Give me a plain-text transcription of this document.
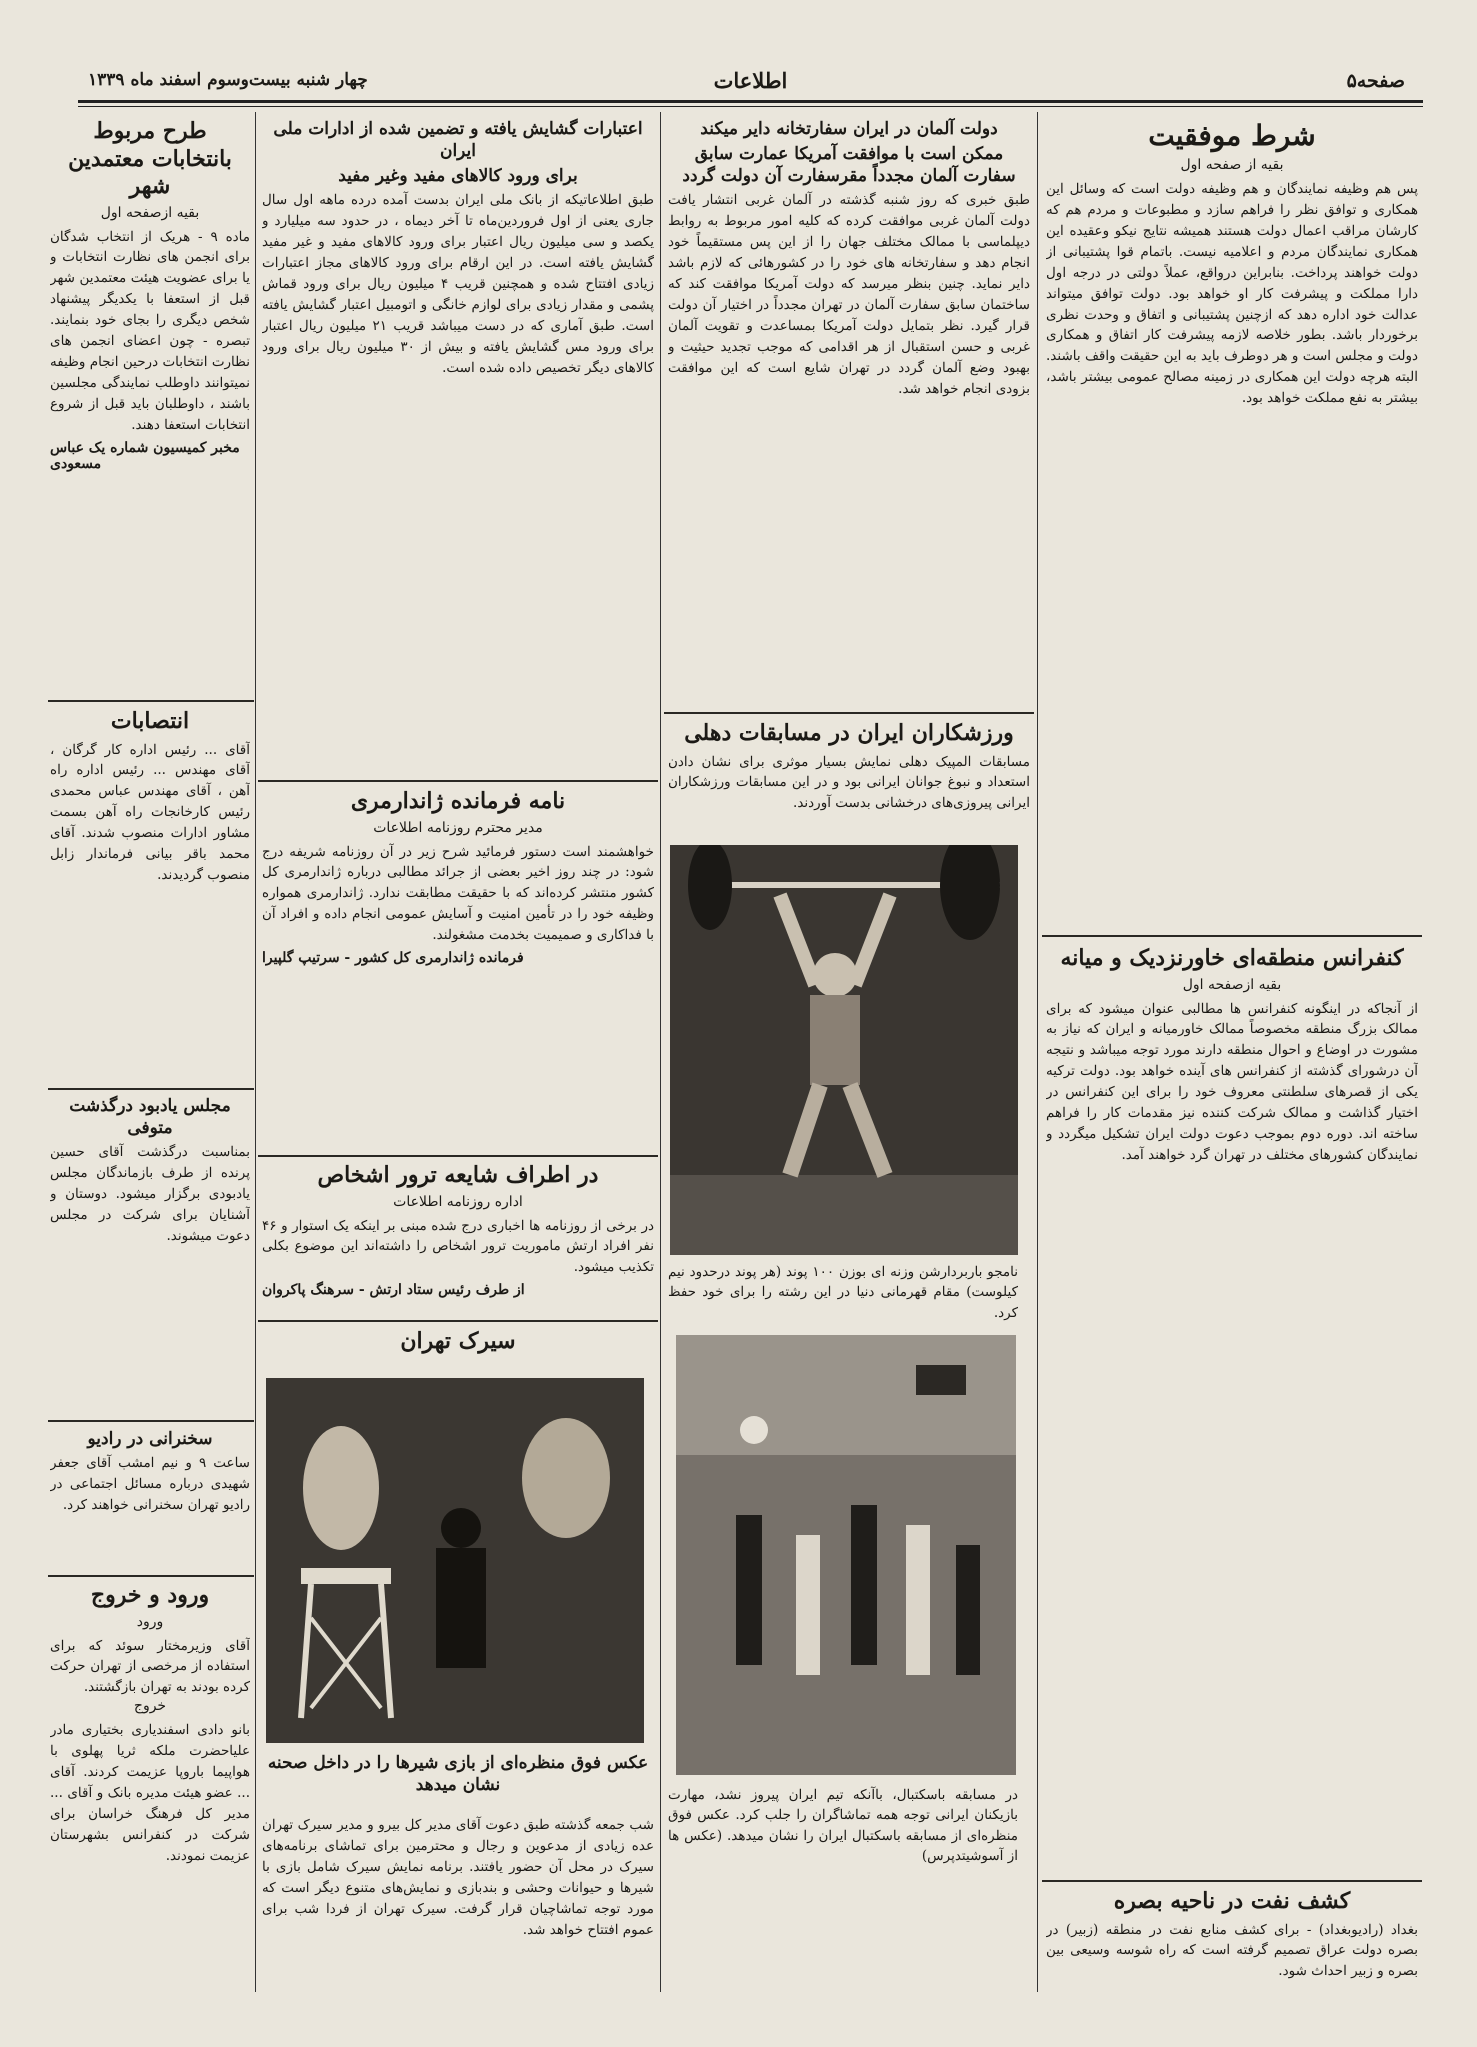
صفحه۵
اطلاعات
چهار شنبه بیست‌وسوم اسفند ماه ۱۳۳۹
شرط موفقیت
بقیه از صفحه اول

پس هم وظیفه نمایندگان و هم وظیفه دولت است که وسائل این همکاری و توافق نظر را فراهم سازد و مطبوعات و مردم هم که کارشان مراقب اعمال دولت هستند همیشه نتایج نیکو وعقیده این همکاری نمایندگان مردم و اعلامیه نیست. باتمام قوا پشتیبانی از دولت خواهند پرداخت. بنابراین درواقع، عملاً دولتی در درجه اول دارا مملکت و پیشرفت کار او خواهد بود. دولت توافق میتواند عدالت خود اداره دهد که ازچنین پشتیبانی و اتفاق و وحدت نظری برخوردار باشد. بطور خلاصه لازمه پیشرفت کار اتفاق و همکاری دولت و مجلس است و هر دوطرف باید به این حقیقت واقف باشند. البته هرچه دولت این همکاری در زمینه مصالح عمومی بیشتر باشد، بیشتر به نفع مملکت خواهد بود.

کنفرانس منطقه‌ای خاورنزدیک و میانه
بقیه ازصفحه اول

از آنجاکه در اینگونه کنفرانس ها مطالبی عنوان میشود که برای ممالک بزرگ منطقه مخصوصاً ممالک خاورمیانه و ایران که نیاز به مشورت در اوضاع و احوال منطقه دارند مورد توجه میباشد و نتیجه آن درشورای گذشته از کنفرانس های آینده خواهد بود. دولت ترکیه یکی از قصرهای سلطنتی معروف خود را برای این کنفرانس در اختیار گذاشت و ممالک شرکت کننده نیز مقدمات کار را فراهم ساخته اند. دوره دوم بموجب دعوت دولت ایران تشکیل میگردد و نمایندگان کشورهای مختلف در تهران گرد خواهند آمد.

کشف نفت در ناحیه بصره

بغداد (رادیوبغداد) - برای کشف منابع نفت در منطقه (زبیر) در بصره دولت عراق تصمیم گرفته است که راه شوسه وسیعی بین بصره و زبیر احداث شود.

دولت آلمان در ایران سفارتخانه دایر میکند
ممکن است با موافقت آمریکا عمارت سابق سفارت آلمان مجدداً مقرسفارت آن دولت گردد

طبق خبری که روز شنبه گذشته در آلمان غربی انتشار یافت دولت آلمان غربی موافقت کرده که کلیه امور مربوط به روابط دیپلماسی با ممالک مختلف جهان را از این پس مستقیماً خود انجام دهد و سفارتخانه های خود را در کشورهائی که لازم باشد دایر نماید. چنین بنظر میرسد که دولت آمریکا موافقت کند که ساختمان سابق سفارت آلمان در تهران مجدداً در اختیار آن دولت قرار گیرد. نظر بتمایل دولت آمریکا بمساعدت و تقویت آلمان غربی و حسن استقبال از هر اقدامی که موجب تجدید حیثیت و بهبود وضع آلمان گردد در تهران شایع است که این موافقت بزودی انجام خواهد شد.

ورزشکاران ایران در مسابقات دهلی

مسابقات المپیک دهلی نمایش بسیار موثری برای نشان دادن استعداد و نبوغ جوانان ایرانی بود و در این مسابقات ورزشکاران ایرانی پیروزی‌های درخشانی بدست آوردند.

نامجو باربردارشن وزنه ای بوزن ۱۰۰ پوند (هر پوند درحدود نیم کیلوست) مقام قهرمانی دنیا در این رشته را برای خود حفظ کرد.
در مسابقه باسکتبال، باآنکه تیم ایران پیروز نشد، مهارت بازیکنان ایرانی توجه همه تماشاگران را جلب کرد. عکس فوق منظره‌ای از مسابقه باسکتبال ایران را نشان میدهد. (عکس ها از آسوشیتدپرس)
اعتبارات گشایش یافته و تضمین شده از ادارات ملی ایران
برای ورود کالاهای مفید وغیر مفید

طبق اطلاعاتیکه از بانک ملی ایران بدست آمده درده ماهه اول سال جاری یعنی از اول فروردین‌ماه تا آخر دیماه ، در حدود سه میلیارد و یکصد و سی میلیون ریال اعتبار برای ورود کالاهای مفید و غیر مفید گشایش یافته است. در این ارقام برای ورود کالاهای مجاز اعتبارات زیادی افتتاح شده و همچنین قریب ۴ میلیون ریال برای ورود قماش پشمی و مقدار زیادی برای لوازم خانگی و اتومبیل اعتبار گشایش یافته است. طبق آماری که در دست میباشد قریب ۲۱ میلیون ریال اعتبار برای ورود مس گشایش یافته و بیش از ۳۰ میلیون ریال برای ورود کالاهای دیگر تخصیص داده شده است.

نامه فرمانده ژاندارمری
مدیر محترم روزنامه اطلاعات

خواهشمند است دستور فرمائید شرح زیر در آن روزنامه شریفه درج شود: در چند روز اخیر بعضی از جرائد مطالبی درباره ژاندارمری کل کشور منتشر کرده‌اند که با حقیقت مطابقت ندارد. ژاندارمری همواره وظیفه خود را در تأمین امنیت و آسایش عمومی انجام داده و افراد آن با فداکاری و صمیمیت بخدمت مشغولند.

فرمانده ژاندارمری کل کشور - سرتیپ گلپیرا
در اطراف شایعه ترور اشخاص
اداره روزنامه اطلاعات

در برخی از روزنامه ها اخباری درج شده مبنی بر اینکه یک استوار و ۴۶ نفر افراد ارتش ماموریت ترور اشخاص را داشته‌اند این موضوع بکلی تکذیب میشود.

از طرف رئیس ستاد ارتش - سرهنگ پاکروان
سیرک تهران
عکس فوق منظره‌ای از بازی شیرها را در داخل صحنه نشان میدهد

شب جمعه گذشته طبق دعوت آقای مدیر کل بیرو و مدیر سیرک تهران عده زیادی از مدعوین و رجال و محترمین برای تماشای برنامه‌های سیرک در محل آن حضور یافتند. برنامه نمایش سیرک شامل بازی با شیرها و حیوانات وحشی و بندبازی و نمایش‌های متنوع دیگر است که مورد توجه تماشاچیان قرار گرفت. سیرک تهران از فردا شب برای عموم افتتاح خواهد شد.

طرح مربوط بانتخابات معتمدین شهر
بقیه ازصفحه اول

ماده ۹ - هریک از انتخاب شدگان برای انجمن های نظارت انتخابات و یا برای عضویت هیئت معتمدین شهر قبل از استعفا با یکدیگر پیشنهاد شخص دیگری را بجای خود بنمایند. تبصره - چون اعضای انجمن های نظارت انتخابات درحین انجام وظیفه نمیتوانند داوطلب نمایندگی مجلسین باشند ، داوطلبان باید قبل از شروع انتخابات استعفا دهند.

مخبر کمیسیون شماره یک عباس مسعودی
انتصابات

آقای ... رئیس اداره کار گرگان ، آقای مهندس ... رئیس اداره راه آهن ، آقای مهندس عباس محمدی رئیس کارخانجات راه آهن بسمت مشاور ادارات منصوب شدند. آقای محمد باقر بیانی فرماندار زابل منصوب گردیدند.

مجلس یادبود درگذشت متوفی

بمناسبت درگذشت آقای حسین پرنده از طرف بازماندگان مجلس یادبودی برگزار میشود. دوستان و آشنایان برای شرکت در مجلس دعوت میشوند.

سخنرانی در رادیو

ساعت ۹ و نیم امشب آقای جعفر شهیدی درباره مسائل اجتماعی در رادیو تهران سخنرانی خواهند کرد.

ورود و خروج
ورود

آقای وزیرمختار سوئد که برای استفاده از مرخصی از تهران حرکت کرده بودند به تهران بازگشتند.

خروج

بانو دادی اسفندیاری بختیاری مادر علیاحضرت ملکه ثریا پهلوی با هواپیما باروپا عزیمت کردند. آقای ... عضو هیئت مدیره بانک و آقای ... مدیر کل فرهنگ خراسان برای شرکت در کنفرانس بشهرستان عزیمت نمودند.
